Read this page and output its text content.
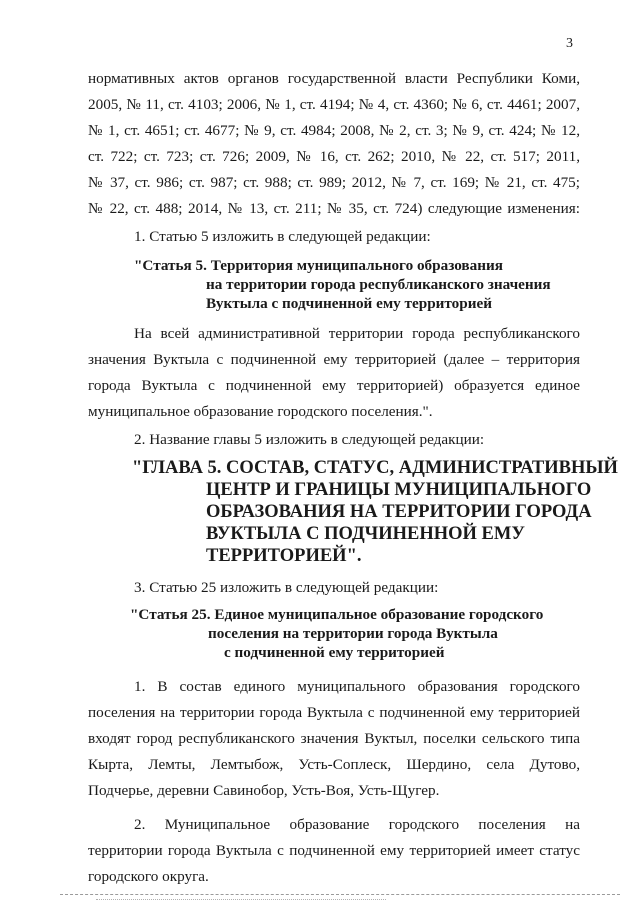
3

нормативных актов органов государственной власти Республики Коми,

2005, № 11, ст. 4103; 2006, № 1, ст. 4194; № 4, ст. 4360; № 6, ст. 4461; 2007,

№ 1, ст. 4651; ст. 4677; № 9, ст. 4984; 2008, № 2, ст. 3; № 9, ст. 424; № 12,

ст. 722; ст. 723; ст. 726; 2009, № 16, ст. 262; 2010, № 22, ст. 517; 2011,

№ 37, ст. 986; ст. 987; ст. 988; ст. 989; 2012, № 7, ст. 169; № 21, ст. 475;

№ 22, ст. 488; 2014, № 13, ст. 211; № 35, ст. 724) следующие изменения:

1. Статью 5 изложить в следующей редакции:

"Статья 5. Территория муниципального образования

на территории города республиканского значения

Вуктыла с подчиненной ему территорией

На всей административной территории города республиканского

значения Вуктыла с подчиненной ему территорией (далее – территория

города Вуктыла с подчиненной ему территорией) образуется единое

муниципальное образование городского поселения.".

2. Название главы 5 изложить в следующей редакции:

"ГЛАВА 5. СОСТАВ, СТАТУС, АДМИНИСТРАТИВНЫЙ

ЦЕНТР И ГРАНИЦЫ МУНИЦИПАЛЬНОГО

ОБРАЗОВАНИЯ НА ТЕРРИТОРИИ ГОРОДА

ВУКТЫЛА С ПОДЧИНЕННОЙ ЕМУ

ТЕРРИТОРИЕЙ".

3. Статью 25 изложить в следующей редакции:

"Статья 25. Единое муниципальное образование городского

поселения на территории города Вуктыла

с подчиненной ему территорией

1. В состав единого муниципального образования городского

поселения на территории города Вуктыла с подчиненной ему территорией

входят город республиканского значения Вуктыл, поселки сельского типа

Кырта, Лемты, Лемтыбож, Усть-Соплеск, Шердино, села Дутово,

Подчерье, деревни Савинобор, Усть-Воя, Усть-Щугер.

2. Муниципальное образование городского поселения на

территории города Вуктыла с подчиненной ему территорией имеет статус

городского округа.
